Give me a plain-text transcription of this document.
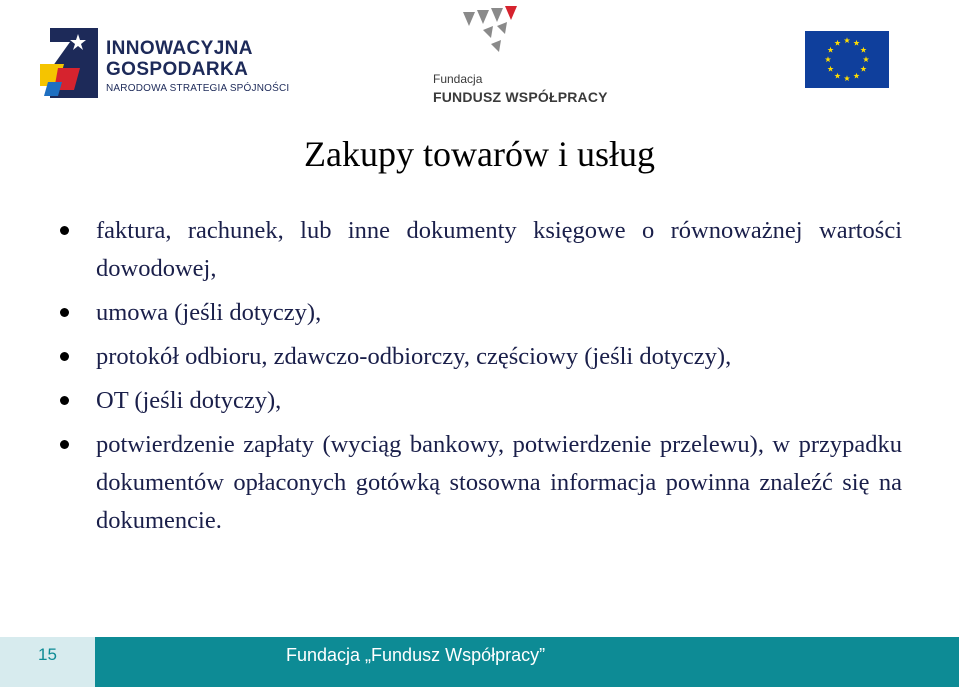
INNOWACYJNA
GOSPODARKA
NARODOWA STRATEGIA SPÓJNOŚCI
Fundacja
FUNDUSZ WSPÓŁPRACY
Zakupy towarów i usług
faktura, rachunek, lub inne dokumenty księgowe o równoważnej wartości dowodowej,
umowa (jeśli dotyczy),
protokół odbioru, zdawczo-odbiorczy, częściowy (jeśli dotyczy),
OT (jeśli dotyczy),
potwierdzenie zapłaty (wyciąg bankowy, potwierdzenie przelewu), w przypadku dokumentów opłaconych gotówką stosowna informacja powinna znaleźć się na dokumencie.
15	Fundacja „Fundusz Współpracy”
